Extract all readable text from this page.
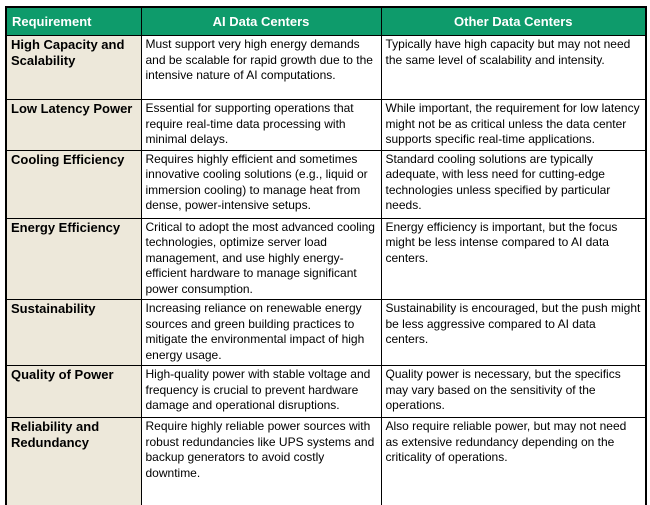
Requirement	AI Data Centers	Other Data Centers
High Capacity and Scalability	Must support very high energy demands and be scalable for rapid growth due to the intensive nature of AI computations.	Typically have high capacity but may not need the same level of scalability and intensity.
Low Latency Power	Essential for supporting operations that require real-time data processing with minimal delays.	While important, the requirement for low latency might not be as critical unless the data center supports specific real-time applications.
Cooling Efficiency	Requires highly efficient and sometimes innovative cooling solutions (e.g., liquid or immersion cooling) to manage heat from dense, power-intensive setups.	Standard cooling solutions are typically adequate, with less need for cutting-edge technologies unless specified by particular needs.
Energy Efficiency	Critical to adopt the most advanced cooling technologies, optimize server load management, and use highly energy-efficient hardware to manage significant power consumption.	Energy efficiency is important, but the focus might be less intense compared to AI data centers.
Sustainability	Increasing reliance on renewable energy sources and green building practices to mitigate the environmental impact of high energy usage.	Sustainability is encouraged, but the push might be less aggressive compared to AI data centers.
Quality of Power	High-quality power with stable voltage and frequency is crucial to prevent hardware damage and operational disruptions.	Quality power is necessary, but the specifics may vary based on the sensitivity of the operations.
Reliability and Redundancy	Require highly reliable power sources with robust redundancies like UPS systems and backup generators to avoid costly downtime.	Also require reliable power, but may not need as extensive redundancy depending on the criticality of operations.
